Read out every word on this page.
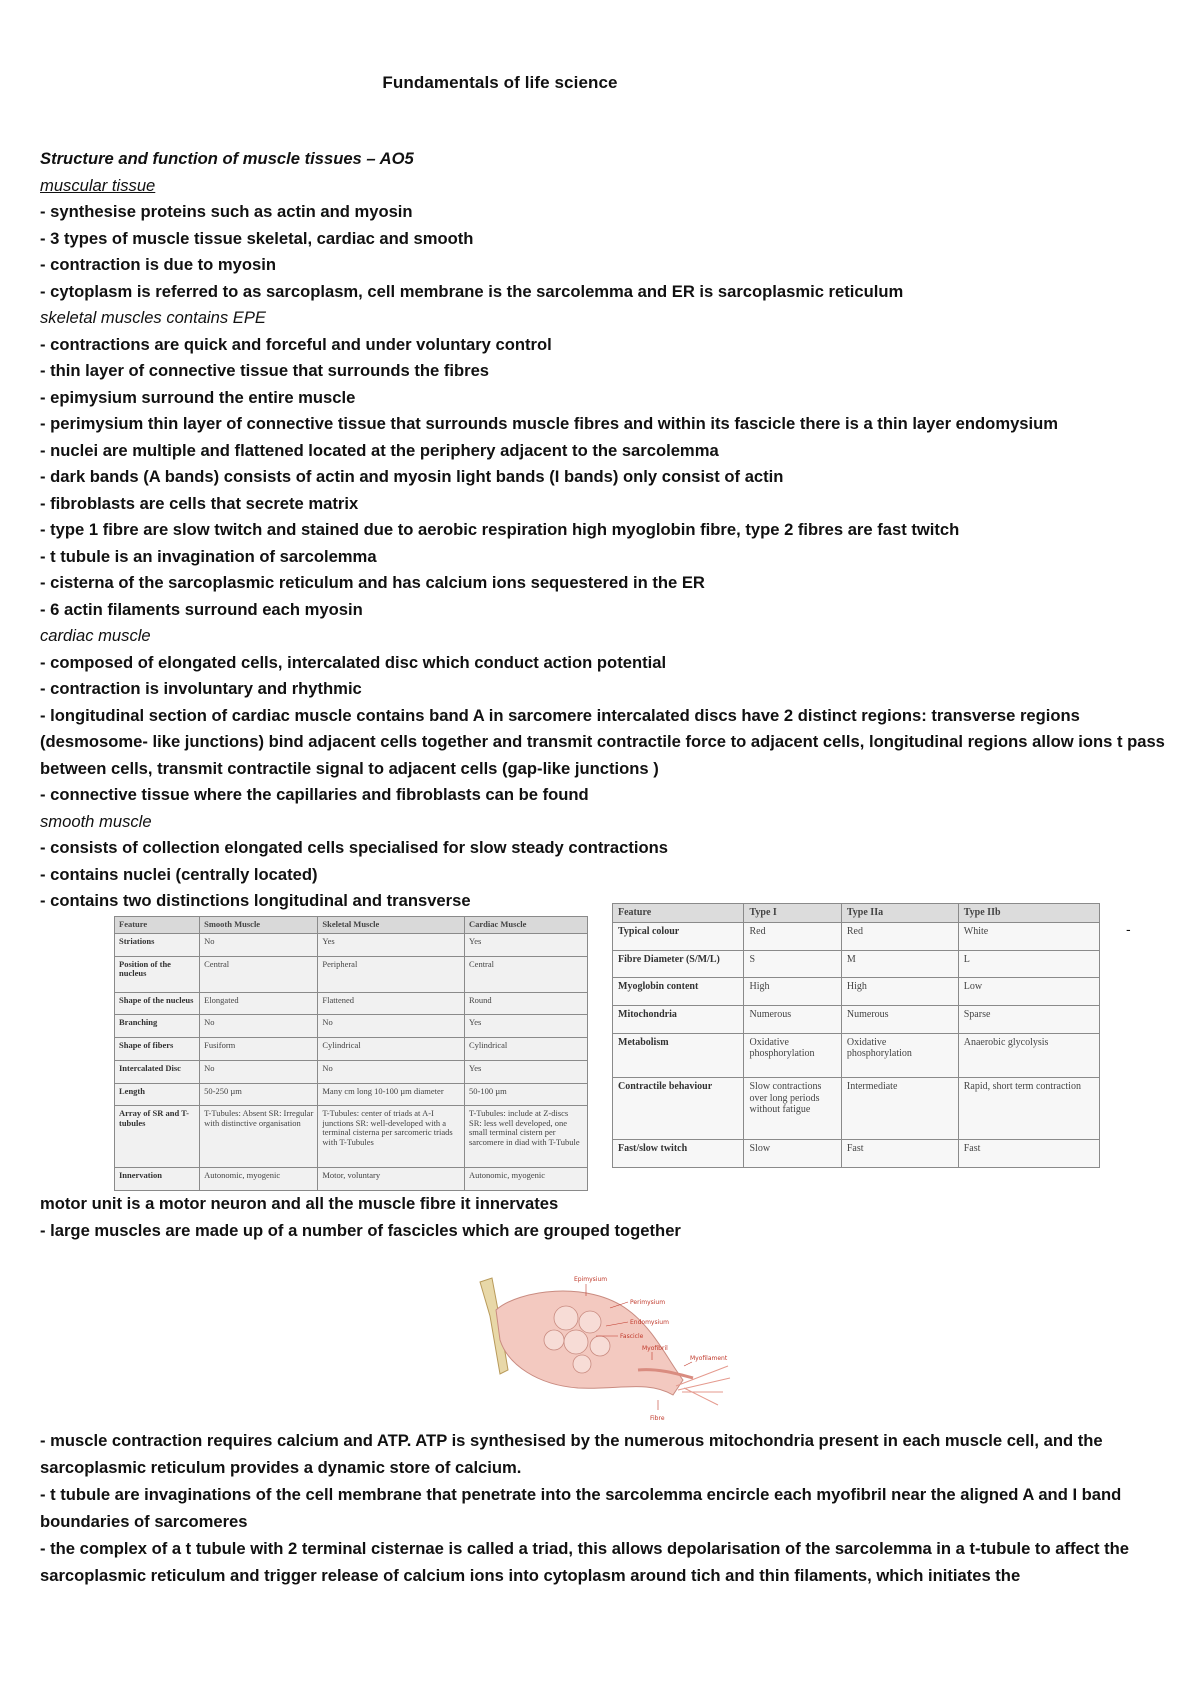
Fundamentals of life science
Structure and function of muscle tissues – AO5
muscular tissue
- synthesise proteins such as actin and myosin
- 3 types of muscle tissue skeletal, cardiac and smooth
- contraction is due to myosin
- cytoplasm is referred to as sarcoplasm, cell membrane is the sarcolemma and ER is sarcoplasmic reticulum
skeletal muscles contains EPE
- contractions are quick and forceful and under voluntary control
- thin layer of connective tissue that surrounds the fibres
- epimysium surround the entire muscle
- perimysium thin layer of connective tissue that surrounds muscle fibres and within its fascicle there is a thin layer endomysium
- nuclei are multiple and flattened located at the periphery adjacent to the sarcolemma
- dark bands (A bands) consists of actin and myosin light bands (I bands) only consist of actin
- fibroblasts are cells that secrete matrix
- type 1 fibre are slow twitch and stained due to aerobic respiration high myoglobin fibre, type 2 fibres are fast twitch
- t tubule is an invagination of sarcolemma
- cisterna of the sarcoplasmic reticulum and has calcium ions sequestered in the ER
- 6 actin filaments surround each myosin
cardiac muscle
- composed of elongated cells, intercalated disc which conduct action potential
- contraction is involuntary and rhythmic
- longitudinal section of cardiac muscle contains band A in sarcomere intercalated discs have 2 distinct regions: transverse regions (desmosome- like junctions) bind adjacent cells together and transmit contractile force to adjacent cells, longitudinal regions allow ions t pass between cells, transmit contractile signal to adjacent cells (gap-like junctions )
- connective tissue where the capillaries and fibroblasts can be found
smooth muscle
- consists of collection elongated cells specialised for slow steady contractions
- contains nuclei (centrally located)
- contains two distinctions longitudinal and transverse
Feature	Smooth Muscle	Skeletal Muscle	Cardiac Muscle
Striations	No	Yes	Yes
Position of the nucleus	Central	Peripheral	Central
Shape of the nucleus	Elongated	Flattened	Round
Branching	No	No	Yes
Shape of fibers	Fusiform	Cylindrical	Cylindrical
Intercalated Disc	No	No	Yes
Length	50-250 µm	Many cm long 10-100 µm diameter	50-100 µm
Array of SR and T-tubules	T-Tubules: Absent SR: Irregular with distinctive organisation	T-Tubules: center of triads at A-I junctions SR: well-developed with a terminal cisterna per sarcomeric triads with T-Tubules	T-Tubules: include at Z-discs SR: less well developed, one small terminal cistern per sarcomere in diad with T-Tubule
Innervation	Autonomic, myogenic	Motor, voluntary	Autonomic, myogenic
Feature	Type I	Type IIa	Type IIb
Typical colour	Red	Red	White
Fibre Diameter (S/M/L)	S	M	L
Myoglobin content	High	High	Low
Mitochondria	Numerous	Numerous	Sparse
Metabolism	Oxidative phosphorylation	Oxidative phosphorylation	Anaerobic glycolysis
Contractile behaviour	Slow contractions over long periods without fatigue	Intermediate	Rapid, short term contraction
Fast/slow twitch	Slow	Fast	Fast
-
motor unit is a motor neuron and all the muscle fibre it innervates
- large muscles are made up of a number of fascicles which are grouped together
Epimysium
Perimysium
Endomysium
Fascicle
Myofibril
Myofilament
Fibre
- muscle contraction requires calcium and ATP. ATP is synthesised by the numerous mitochondria present in each muscle cell, and the sarcoplasmic reticulum provides a dynamic store of calcium.
- t tubule are invaginations of the cell membrane that penetrate into the sarcolemma encircle each myofibril near the aligned A and I band boundaries of sarcomeres
- the complex of a t tubule with 2 terminal cisternae is called a triad, this allows depolarisation of the sarcolemma in a t-tubule to affect the sarcoplasmic reticulum and trigger release of calcium ions into cytoplasm around tich and thin filaments, which initiates the
